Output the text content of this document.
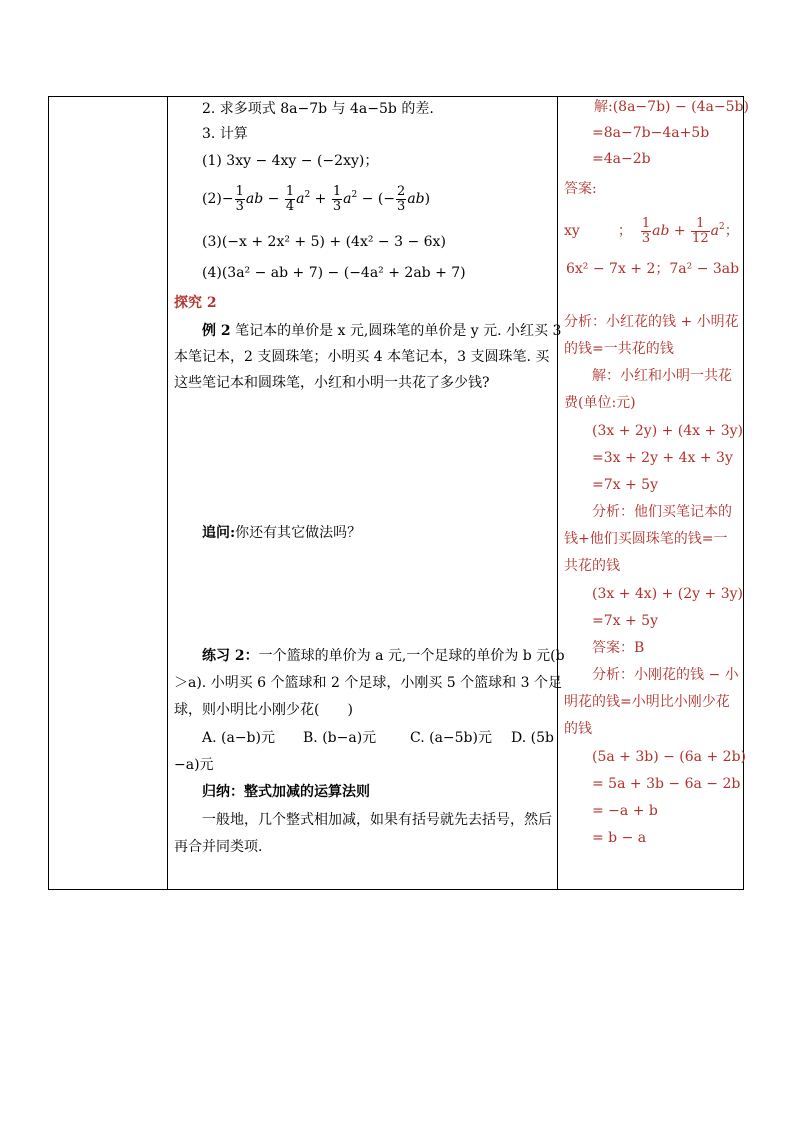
2. 求多项式 8a−7b 与 4a−5b 的差.
3. 计算
(1) 3xy − 4xy − (−2xy)；
$(2)- \frac{1}{3}$ ab − $\frac{1}{4} a^2 + \frac{1}{3} a^2$ − (− $\frac{2}{3} ab$)
(3)(−x + 2x² + 5) + (4x² − 3 − 6x)
(4)(3a² − ab + 7) − (−4a² + 2ab + 7)
探究 2
例 2 笔记本的单价是 x 元,圆珠笔的单价是 y 元. 小红买 3
本笔记本，2 支圆珠笔；小明买 4 本笔记本，3 支圆珠笔. 买
这些笔记本和圆珠笔，小红和小明一共花了多少钱?
追问:你还有其它做法吗？
练习 2：一个篮球的单价为 a 元,一个足球的单价为 b 元(b
＞a). 小明买 6 个篮球和 2 个足球，小刚买 5 个篮球和 3 个足
球，则小明比小刚少花(　　)
A. (a−b)元 B. (b−a)元 C. (a−5b)元 D. (5b
−a)元
归纳：整式加减的运算法则
一般地，几个整式相加减，如果有括号就先去括号，然后
再合并同类项.
解:(8a−7b) − (4a−5b)
=8a−7b−4a+5b
=4a−2b
答案:
xy	； $\frac{1}{3}$ ab + $\frac{1}{12} a^2$；
6x² − 7x + 2；7a² − 3ab
分析：小红花的钱 + 小明花
的钱=一共花的钱
解：小红和小明一共花
费(单位:元)
(3x + 2y) + (4x + 3y)
=3x + 2y + 4x + 3y
=7x + 5y
分析：他们买笔记本的
钱+他们买圆珠笔的钱=一
共花的钱
(3x + 4x) + (2y + 3y)
=7x + 5y
答案：B
分析：小刚花的钱 − 小
明花的钱=小明比小刚少花
的钱
(5a + 3b) − (6a + 2b)
= 5a + 3b − 6a − 2b
= −a + b
= b − a
